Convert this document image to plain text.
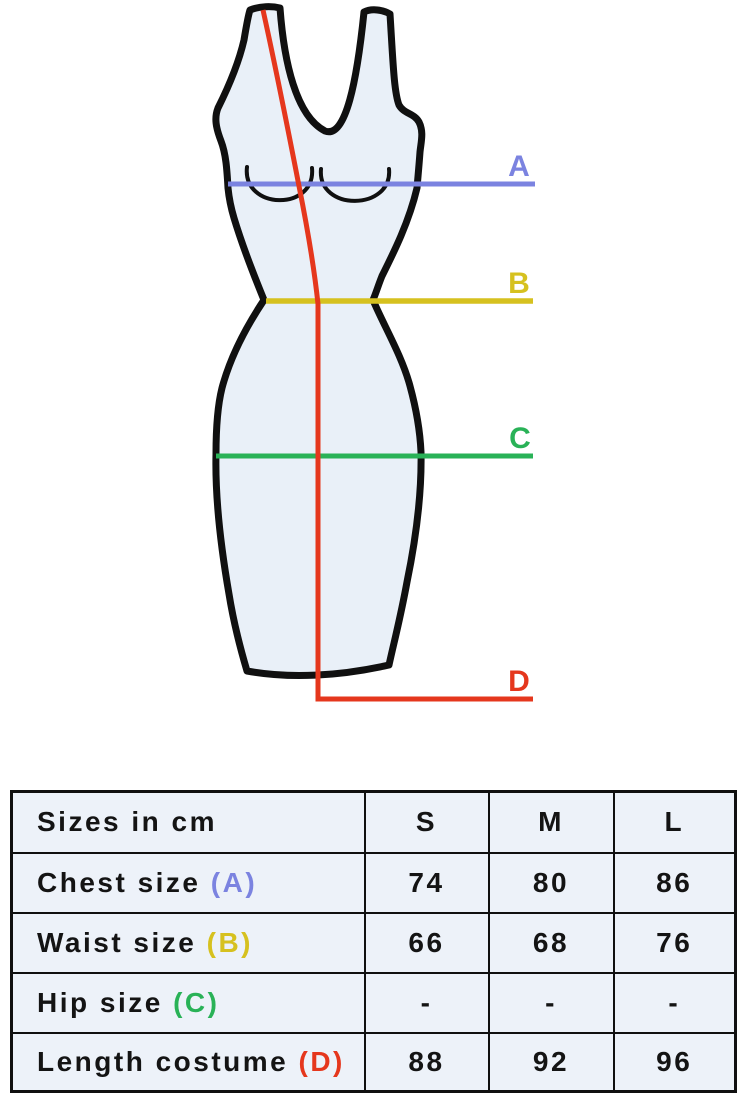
A
B
C
D
Sizes in cm	S	M	L
Chest size (A)	74	80	86
Waist size (B)	66	68	76
Hip size (C)	-	-	-
Length costume (D)	88	92	96
